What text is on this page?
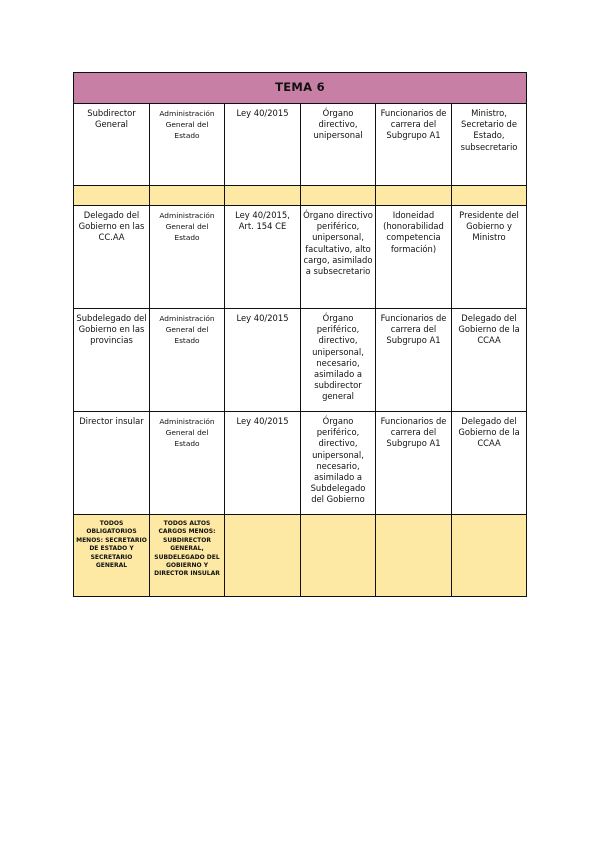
TEMA 6					
Subdirector General	Administración General del Estado	Ley 40/2015	Órgano directivo, unipersonal	Funcionarios de carrera del Subgrupo A1	Ministro, Secretario de Estado, subsecretario

Delegado del Gobierno en las CC.AA	Administración General del Estado	Ley 40/2015, Art. 154 CE	Órgano directivo periférico, unipersonal, facultativo, alto cargo, asimilado a subsecretario	Idoneidad (honorabilidad competencia formación)	Presidente del Gobierno y Ministro
Subdelegado del Gobierno en las provincias	Administración General del Estado	Ley 40/2015	Órgano periférico, directivo, unipersonal, necesario, asimilado a subdirector general	Funcionarios de carrera del Subgrupo A1	Delegado del Gobierno de la CCAA
Director insular	Administración General del Estado	Ley 40/2015	Órgano periférico, directivo, unipersonal, necesario, asimilado a Subdelegado del Gobierno	Funcionarios de carrera del Subgrupo A1	Delegado del Gobierno de la CCAA
TODOS OBLIGATORIOS MENOS: SECRETARIO DE ESTADO Y SECRETARIO GENERAL	TODOS ALTOS CARGOS MENOS: SUBDIRECTOR GENERAL, SUBDELEGADO DEL GOBIERNO Y DIRECTOR INSULAR				
